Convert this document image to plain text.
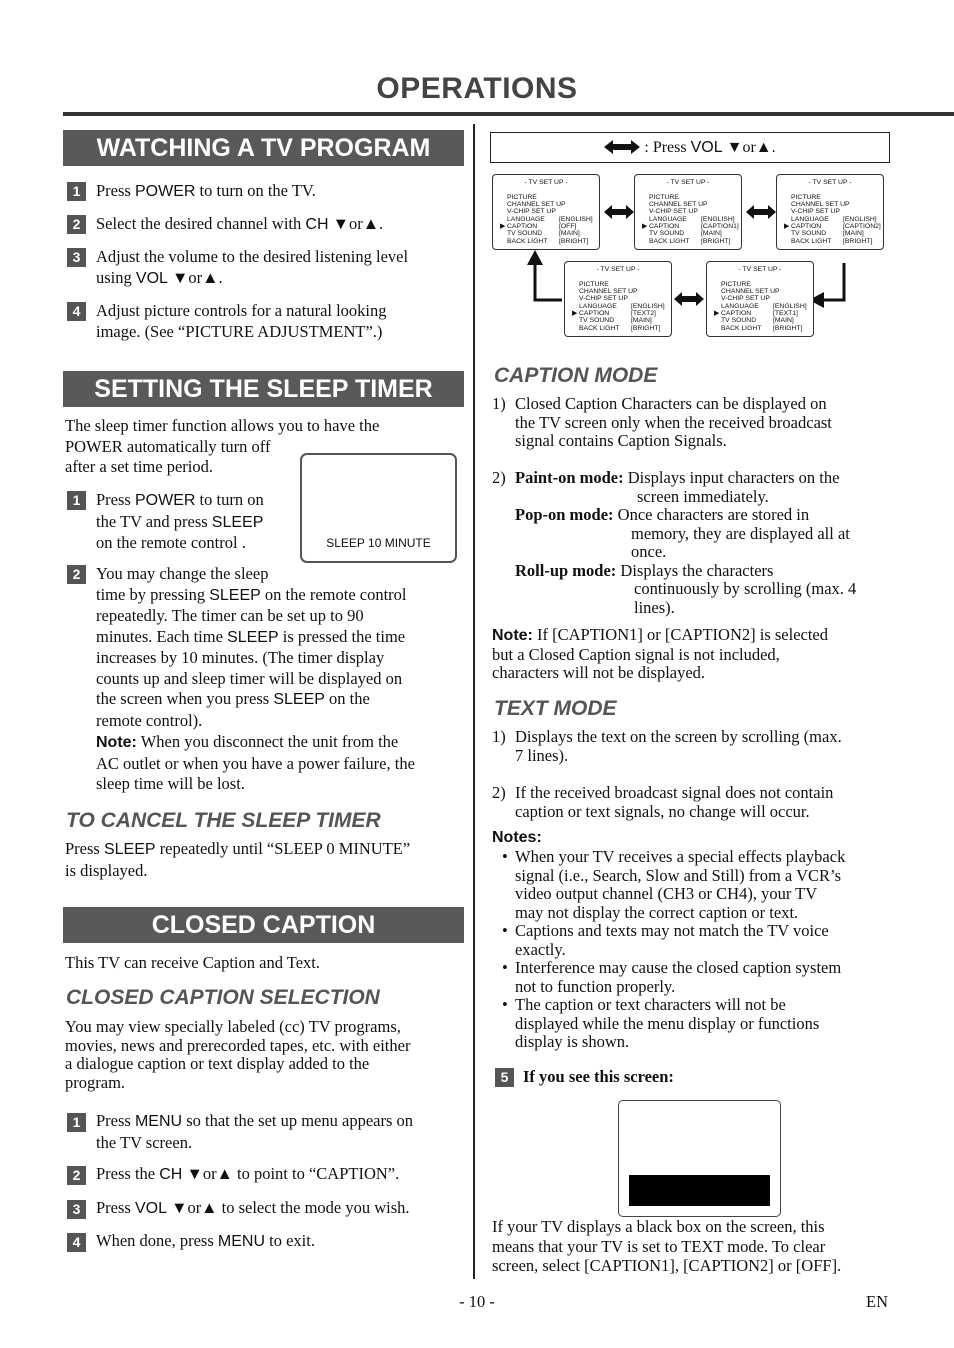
OPERATIONS
WATCHING A TV PROGRAM
1 Press POWER to turn on the TV.
2 Select the desired channel with CH ▼or▲.
3 Adjust the volume to the desired listening level
using VOL ▼or▲.
4 Adjust picture controls for a natural looking
image. (See “PICTURE ADJUSTMENT”.)
SETTING THE SLEEP TIMER
The sleep timer function allows you to have the
POWER automatically turn off
after a set time period.
SLEEP 10 MINUTE
1 Press POWER to turn on
the TV and press SLEEP
on the remote control .
2 You may change the sleep
time by pressing SLEEP on the remote control
repeatedly. The timer can be set up to 90
minutes. Each time SLEEP is pressed the time
increases by 10 minutes. (The timer display
counts up and sleep timer will be displayed on
the screen when you press SLEEP on the
remote control).
Note: When you disconnect the unit from the
AC outlet or when you have a power failure, the
sleep time will be lost.
TO CANCEL THE SLEEP TIMER
Press SLEEP repeatedly until “SLEEP 0 MINUTE”
is displayed.
CLOSED CAPTION
This TV can receive Caption and Text.
CLOSED CAPTION SELECTION
You may view specially labeled (cc) TV programs,
movies, news and prerecorded tapes, etc. with either
a dialogue caption or text display added to the
program.
1 Press MENU so that the set up menu appears on
the TV screen.
2 Press the CH ▼or▲ to point to “CAPTION”.
3 Press VOL ▼or▲ to select the mode you wish.
4 When done, press MENU to exit.
: Press VOL ▼or▲.
- TV SET UP -
PICTURE
CHANNEL SET UP
V-CHIP SET UP
LANGUAGE
▶ CAPTION
TV SOUND
BACK LIGHT
[ENGLISH]
[OFF]
[MAIN]
[BRIGHT]
- TV SET UP -
PICTURE
CHANNEL SET UP
V-CHIP SET UP
LANGUAGE
▶ CAPTION
TV SOUND
BACK LIGHT
[ENGLISH]
[CAPTION1]
[MAIN]
[BRIGHT]
- TV SET UP -
PICTURE
CHANNEL SET UP
V-CHIP SET UP
LANGUAGE
▶ CAPTION
TV SOUND
BACK LIGHT
[ENGLISH]
[CAPTION2]
[MAIN]
[BRIGHT]
- TV SET UP -
PICTURE
CHANNEL SET UP
V-CHIP SET UP
LANGUAGE
▶ CAPTION
TV SOUND
BACK LIGHT
[ENGLISH]
[TEXT2]
[MAIN]
[BRIGHT]
- TV SET UP -
PICTURE
CHANNEL SET UP
V-CHIP SET UP
LANGUAGE
▶ CAPTION
TV SOUND
BACK LIGHT
[ENGLISH]
[TEXT1]
[MAIN]
[BRIGHT]
CAPTION MODE
1) Closed Caption Characters can be displayed on
the TV screen only when the received broadcast
signal contains Caption Signals.
2) Paint-on mode: Displays input characters on the
screen immediately.
Pop-on mode: Once characters are stored in
memory, they are displayed all at
once.
Roll-up mode: Displays the characters
continuously by scrolling (max. 4
lines).
Note: If [CAPTION1] or [CAPTION2] is selected
but a Closed Caption signal is not included,
characters will not be displayed.
TEXT MODE
1) Displays the text on the screen by scrolling (max.
7 lines).
2) If the received broadcast signal does not contain
caption or text signals, no change will occur.
Notes:
• When your TV receives a special effects playback
signal (i.e., Search, Slow and Still) from a VCR’s
video output channel (CH3 or CH4), your TV
may not display the correct caption or text.
• Captions and texts may not match the TV voice
exactly.
• Interference may cause the closed caption system
not to function properly.
• The caption or text characters will not be
displayed while the menu display or functions
display is shown.
5 If you see this screen:
If your TV displays a black box on the screen, this
means that your TV is set to TEXT mode. To clear
screen, select [CAPTION1], [CAPTION2] or [OFF].
- 10 -	EN
